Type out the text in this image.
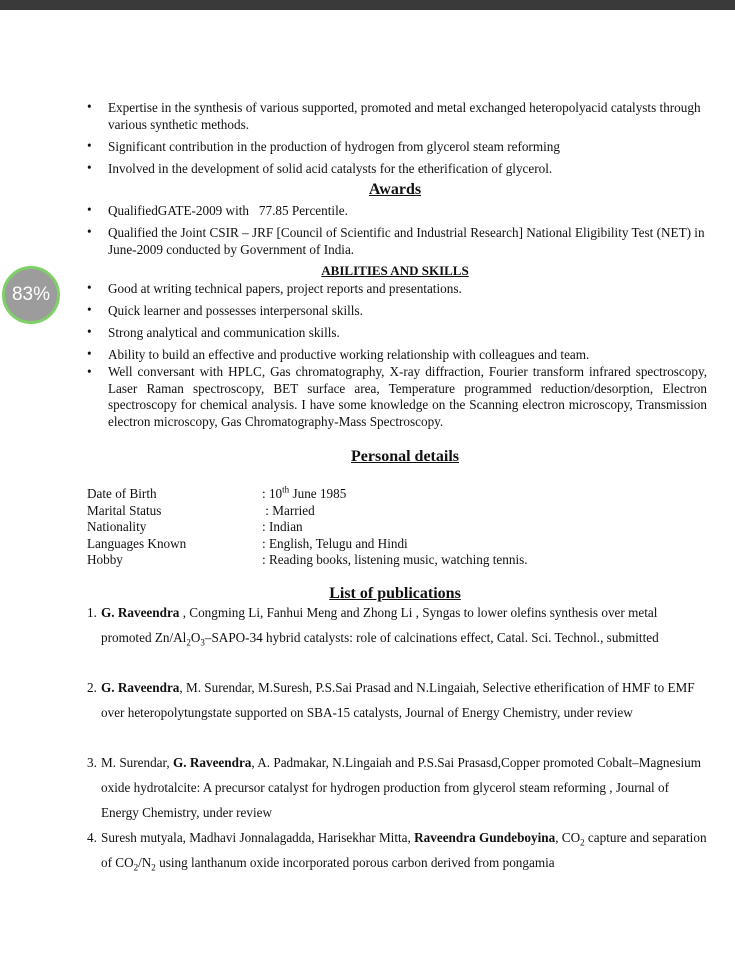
• Expertise in the synthesis of various supported, promoted and metal exchanged heteropolyacid catalysts through various synthetic methods.
• Significant contribution in the production of hydrogen from glycerol steam reforming
• Involved in the development of solid acid catalysts for the etherification of glycerol.
Awards
• QualifiedGATE-2009 with   77.85 Percentile.
• Qualified the Joint CSIR – JRF [Council of Scientific and Industrial Research] National Eligibility Test (NET) in June-2009 conducted by Government of India.
ABILITIES AND SKILLS
• Good at writing technical papers, project reports and presentations.
• Quick learner and possesses interpersonal skills.
• Strong analytical and communication skills.
• Ability to build an effective and productive working relationship with colleagues and team.
• Well conversant with HPLC, Gas chromatography, X-ray diffraction, Fourier transform infrared spectroscopy, Laser Raman spectroscopy, BET surface area, Temperature programmed reduction/desorption, Electron spectroscopy for chemical analysis. I have some knowledge on the Scanning electron microscopy, Transmission electron microscopy, Gas Chromatography-Mass Spectroscopy.
Personal details
Date of Birth	: 10th June 1985
Marital Status	: Married
Nationality	: Indian
Languages Known	: English, Telugu and Hindi
Hobby	: Reading books, listening music, watching tennis.
List of publications
1. G. Raveendra , Congming Li, Fanhui Meng and Zhong Li , Syngas to lower olefins synthesis over metal promoted $Zn/Al_2O_3-SAPO-34$ hybrid catalysts: role of calcinations effect, Catal. Sci. Technol., submitted
2. G. Raveendra, M. Surendar, M.Suresh, P.S.Sai Prasad and N.Lingaiah, Selective etherification of HMF to EMF over heteropolytungstate supported on SBA-15 catalysts, Journal of Energy Chemistry, under review
3. M. Surendar, G. Raveendra, A. Padmakar, N.Lingaiah and P.S.Sai Prasasd,Copper promoted Cobalt–Magnesium oxide hydrotalcite: A precursor catalyst for hydrogen production from glycerol steam reforming , Journal of Energy Chemistry, under review
4. Suresh mutyala, Madhavi Jonnalagadda, Harisekhar Mitta, Raveendra Gundeboyina, $CO_2$ capture and separation of $CO_2/N_2$ using lanthanum oxide incorporated porous carbon derived from pongamia
83%
